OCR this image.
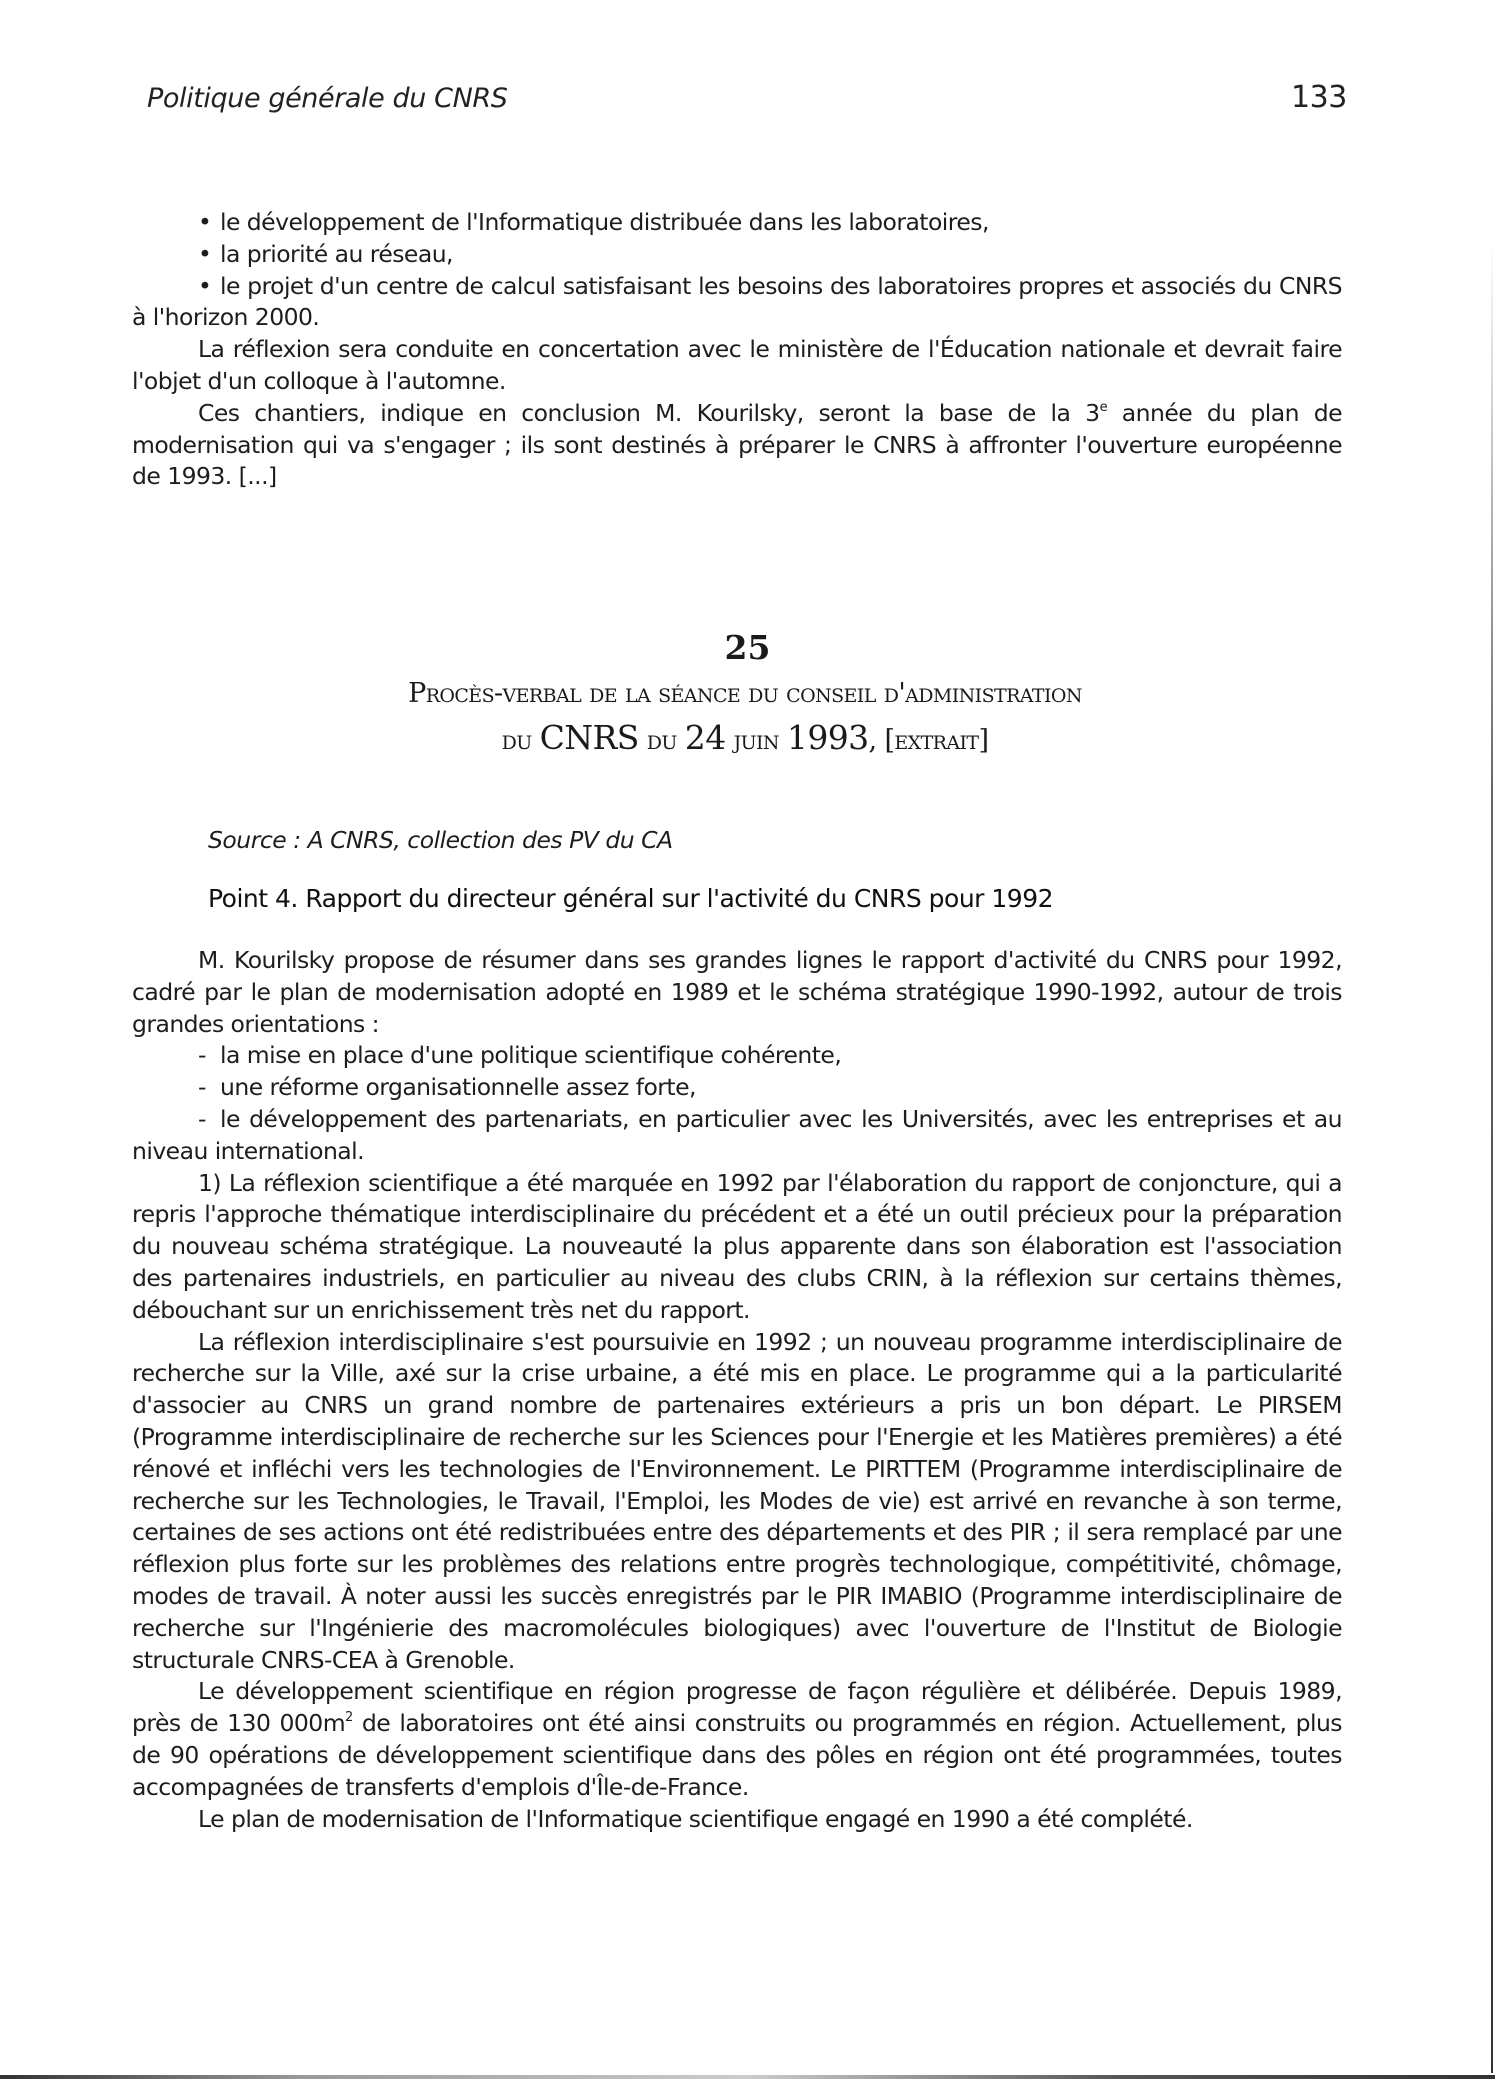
Politique générale du CNRS	133

• le développement de l'Informatique distribuée dans les laboratoires,

• la priorité au réseau,

• le projet d'un centre de calcul satisfaisant les besoins des laboratoires propres et associés du CNRS à l'horizon 2000.

La réflexion sera conduite en concertation avec le ministère de l'Éducation nationale et devrait faire l'objet d'un colloque à l'automne.

Ces chantiers, indique en conclusion M. Kourilsky, seront la base de la 3e année du plan de modernisation qui va s'engager ; ils sont destinés à préparer le CNRS à affronter l'ouverture européenne de 1993. [...]

25
Procès-verbal de la séance du conseil d'administration
du CNRS du 24 juin 1993, [extrait]
Source : A CNRS, collection des PV du CA
Point 4. Rapport du directeur général sur l'activité du CNRS pour 1992

M. Kourilsky propose de résumer dans ses grandes lignes le rapport d'activité du CNRS pour 1992, cadré par le plan de modernisation adopté en 1989 et le schéma stratégique 1990-1992, autour de trois grandes orientations :

- la mise en place d'une politique scientifique cohérente,

- une réforme organisationnelle assez forte,

- le développement des partenariats, en particulier avec les Universités, avec les entreprises et au niveau international.

1) La réflexion scientifique a été marquée en 1992 par l'élaboration du rapport de conjoncture, qui a repris l'approche thématique interdisciplinaire du précédent et a été un outil précieux pour la préparation du nouveau schéma stratégique. La nouveauté la plus apparente dans son élaboration est l'association des partenaires industriels, en particulier au niveau des clubs CRIN, à la réflexion sur certains thèmes, débouchant sur un enrichissement très net du rapport.

La réflexion interdisciplinaire s'est poursuivie en 1992 ; un nouveau programme interdisciplinaire de recherche sur la Ville, axé sur la crise urbaine, a été mis en place. Le programme qui a la particularité d'associer au CNRS un grand nombre de partenaires extérieurs a pris un bon départ. Le PIRSEM (Programme interdisciplinaire de recherche sur les Sciences pour l'Energie et les Matières premières) a été rénové et infléchi vers les technologies de l'Environnement. Le PIRTTEM (Programme interdisciplinaire de recherche sur les Technologies, le Travail, l'Emploi, les Modes de vie) est arrivé en revanche à son terme, certaines de ses actions ont été redistribuées entre des départements et des PIR ; il sera remplacé par une réflexion plus forte sur les problèmes des relations entre progrès technologique, compétitivité, chômage, modes de travail. À noter aussi les succès enregistrés par le PIR IMABIO (Programme interdisciplinaire de recherche sur l'Ingénierie des macromolécules biologiques) avec l'ouverture de l'Institut de Biologie structurale CNRS-CEA à Grenoble.

Le développement scientifique en région progresse de façon régulière et délibérée. Depuis 1989, près de 130 $000m^2$ de laboratoires ont été ainsi construits ou programmés en région. Actuellement, plus de 90 opérations de développement scientifique dans des pôles en région ont été programmées, toutes accompagnées de transferts d'emplois d'Île-de-France.

Le plan de modernisation de l'Informatique scientifique engagé en 1990 a été complété.
